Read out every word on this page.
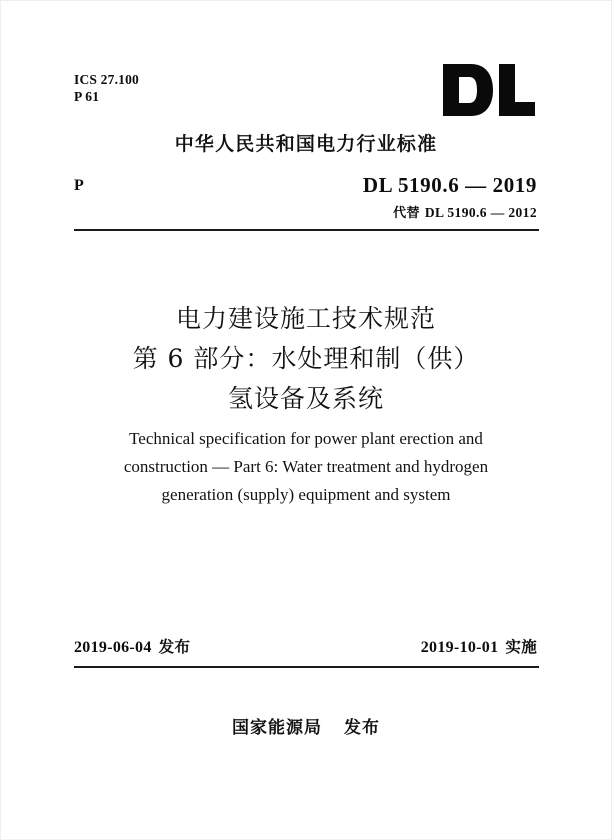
ICS 27.100
P 61
中华人民共和国电力行业标准
P	DL 5190.6 — 2019
代替 DL 5190.6 — 2012
电力建设施工技术规范
第 6 部分：水处理和制（供）
氢设备及系统
Technical specification for power plant erection and
construction — Part 6: Water treatment and hydrogen
generation (supply) equipment and system
2019-06-04 发布	2019-10-01 实施
国家能源局 发布
